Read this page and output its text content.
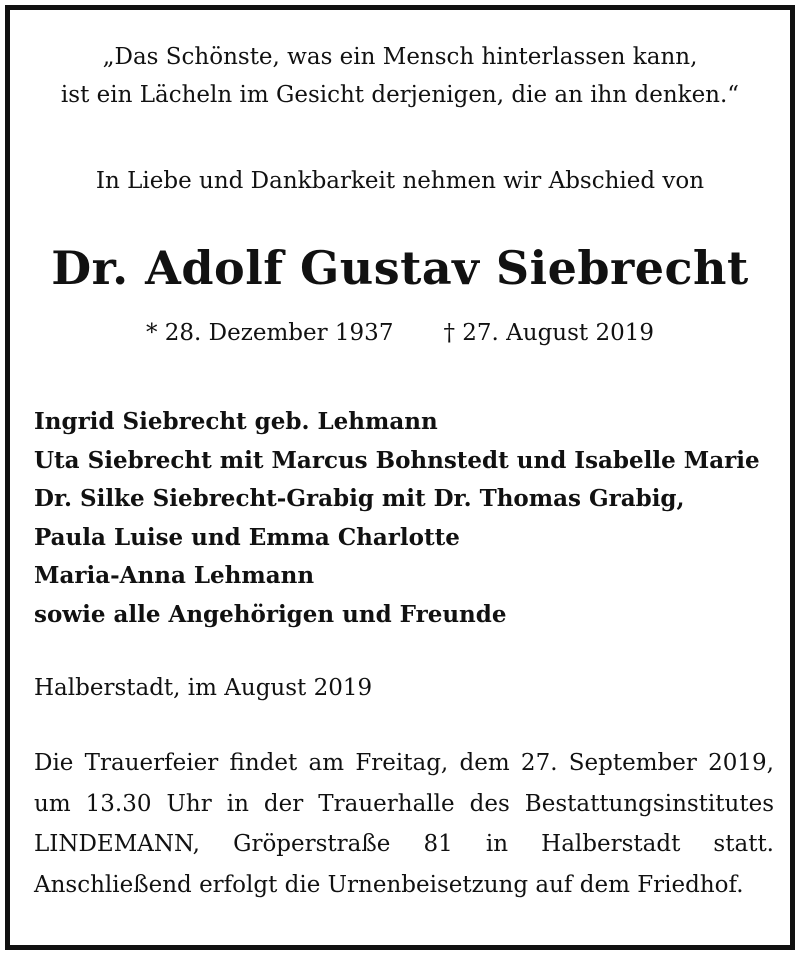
„Das Schönste, was ein Mensch hinterlassen kann,
ist ein Lächeln im Gesicht derjenigen, die an ihn denken.“
In Liebe und Dankbarkeit nehmen wir Abschied von
Dr. Adolf Gustav Siebrecht
* 28. Dezember 1937 † 27. August 2019
Ingrid Siebrecht geb. Lehmann
Uta Siebrecht mit Marcus Bohnstedt und Isabelle Marie
Dr. Silke Siebrecht-Grabig mit Dr. Thomas Grabig,
Paula Luise und Emma Charlotte
Maria-Anna Lehmann
sowie alle Angehörigen und Freunde
Halberstadt, im August 2019
Die Trauerfeier findet am Freitag, dem 27. September 2019, um 13.30 Uhr in der Trauerhalle des Bestattungsinstitutes LINDEMANN, Gröperstraße 81 in Halberstadt statt. Anschließend erfolgt die Urnenbeisetzung auf dem Friedhof.
